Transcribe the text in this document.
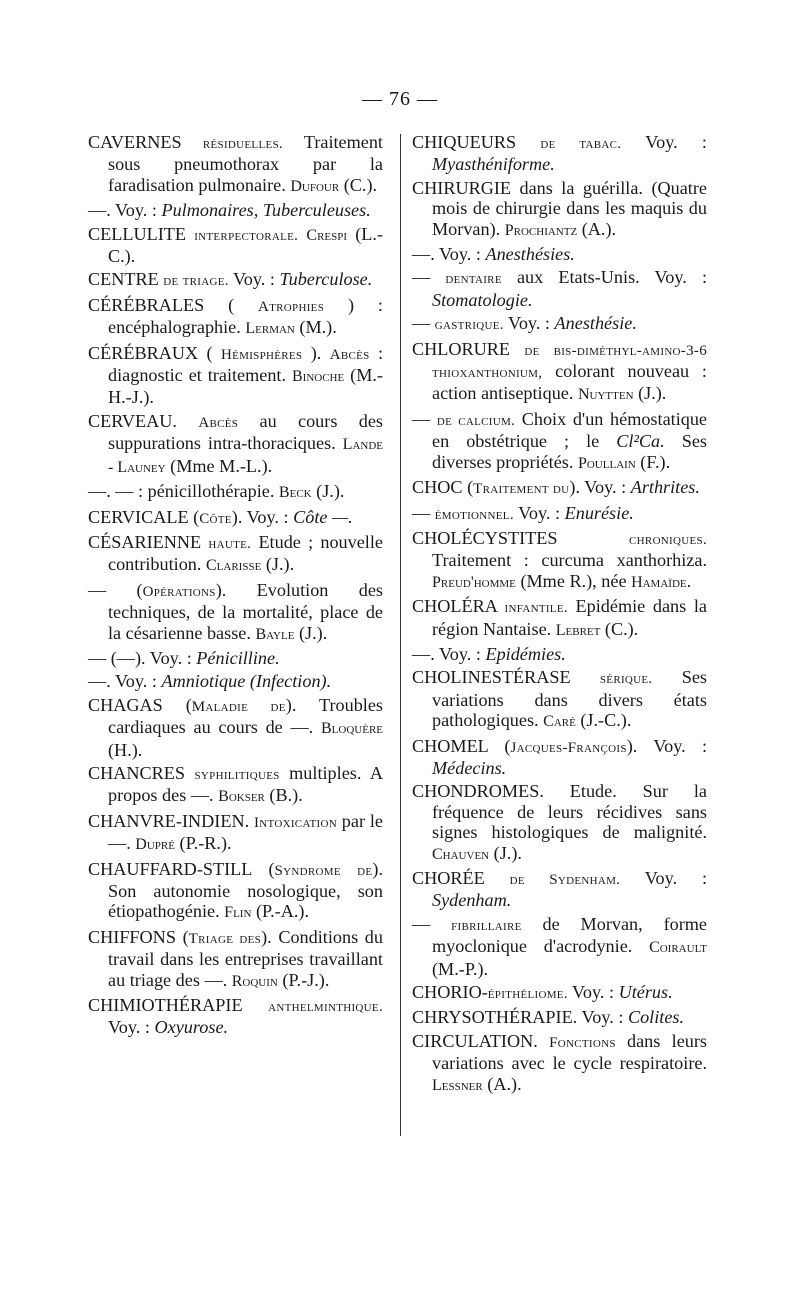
— 76 —

CAVERNES résiduelles. Traitement sous pneumothorax par la faradisation pulmonaire. Dufour (C.).

—. Voy. : Pulmonaires, Tuberculeuses.

CELLULITE interpectorale. Crespi (L.-C.).

CENTRE de triage. Voy. : Tuberculose.

CÉRÉBRALES ( Atrophies ) : encéphalographie. Lerman (M.).

CÉRÉBRAUX ( Hémisphères ). Abcès : diagnostic et traitement. Binoche (M.-H.-J.).

CERVEAU. Abcès au cours des suppurations intra-thoraciques. Lande - Launey (Mme M.-L.).

—. — : pénicillothérapie. Beck (J.).

CERVICALE (Côte). Voy. : Côte —.

CÉSARIENNE haute. Etude ; nouvelle contribution. Clarisse (J.).

— (Opérations). Evolution des techniques, de la mortalité, place de la césarienne basse. Bayle (J.).

— (—). Voy. : Pénicilline.

—. Voy. : Amniotique (Infection).

CHAGAS (Maladie de). Troubles cardiaques au cours de —. Bloquère (H.).

CHANCRES syphilitiques multiples. A propos des —. Bokser (B.).

CHANVRE-INDIEN. Intoxication par le —. Dupré (P.-R.).

CHAUFFARD-STILL (Syndrome de). Son autonomie nosologique, son étiopathogénie. Flin (P.-A.).

CHIFFONS (Triage des). Conditions du travail dans les entreprises travaillant au triage des —. Roquin (P.-J.).

CHIMIOTHÉRAPIE anthelminthique. Voy. : Oxyurose.

CHIQUEURS de tabac. Voy. : Myasthéniforme.

CHIRURGIE dans la guérilla. (Quatre mois de chirurgie dans les maquis du Morvan). Prochiantz (A.).

—. Voy. : Anesthésies.

— dentaire aux Etats-Unis. Voy. : Stomatologie.

— gastrique. Voy. : Anesthésie.

CHLORURE de bis-diméthyl-amino-3-6 thioxanthonium, colorant nouveau : action antiseptique. Nuytten (J.).

— de calcium. Choix d'un hémostatique en obstétrique ; le Cl²Ca. Ses diverses propriétés. Poullain (F.).

CHOC (Traitement du). Voy. : Arthrites.

— émotionnel. Voy. : Enurésie.

CHOLÉCYSTITES chroniques. Traitement : curcuma xanthorhiza. Preud'homme (Mme R.), née Hamaïde.

CHOLÉRA infantile. Epidémie dans la région Nantaise. Lebret (C.).

—. Voy. : Epidémies.

CHOLINESTÉRASE sérique. Ses variations dans divers états pathologiques. Caré (J.-C.).

CHOMEL (Jacques-François). Voy. : Médecins.

CHONDROMES. Etude. Sur la fréquence de leurs récidives sans signes histologiques de malignité. Chauven (J.).

CHORÉE de Sydenham. Voy. : Sydenham.

— fibrillaire de Morvan, forme myoclonique d'acrodynie. Coirault (M.-P.).

CHORIO-épithéliome. Voy. : Utérus.

CHRYSOTHÉRAPIE. Voy. : Colites.

CIRCULATION. Fonctions dans leurs variations avec le cycle respiratoire. Lessner (A.).
